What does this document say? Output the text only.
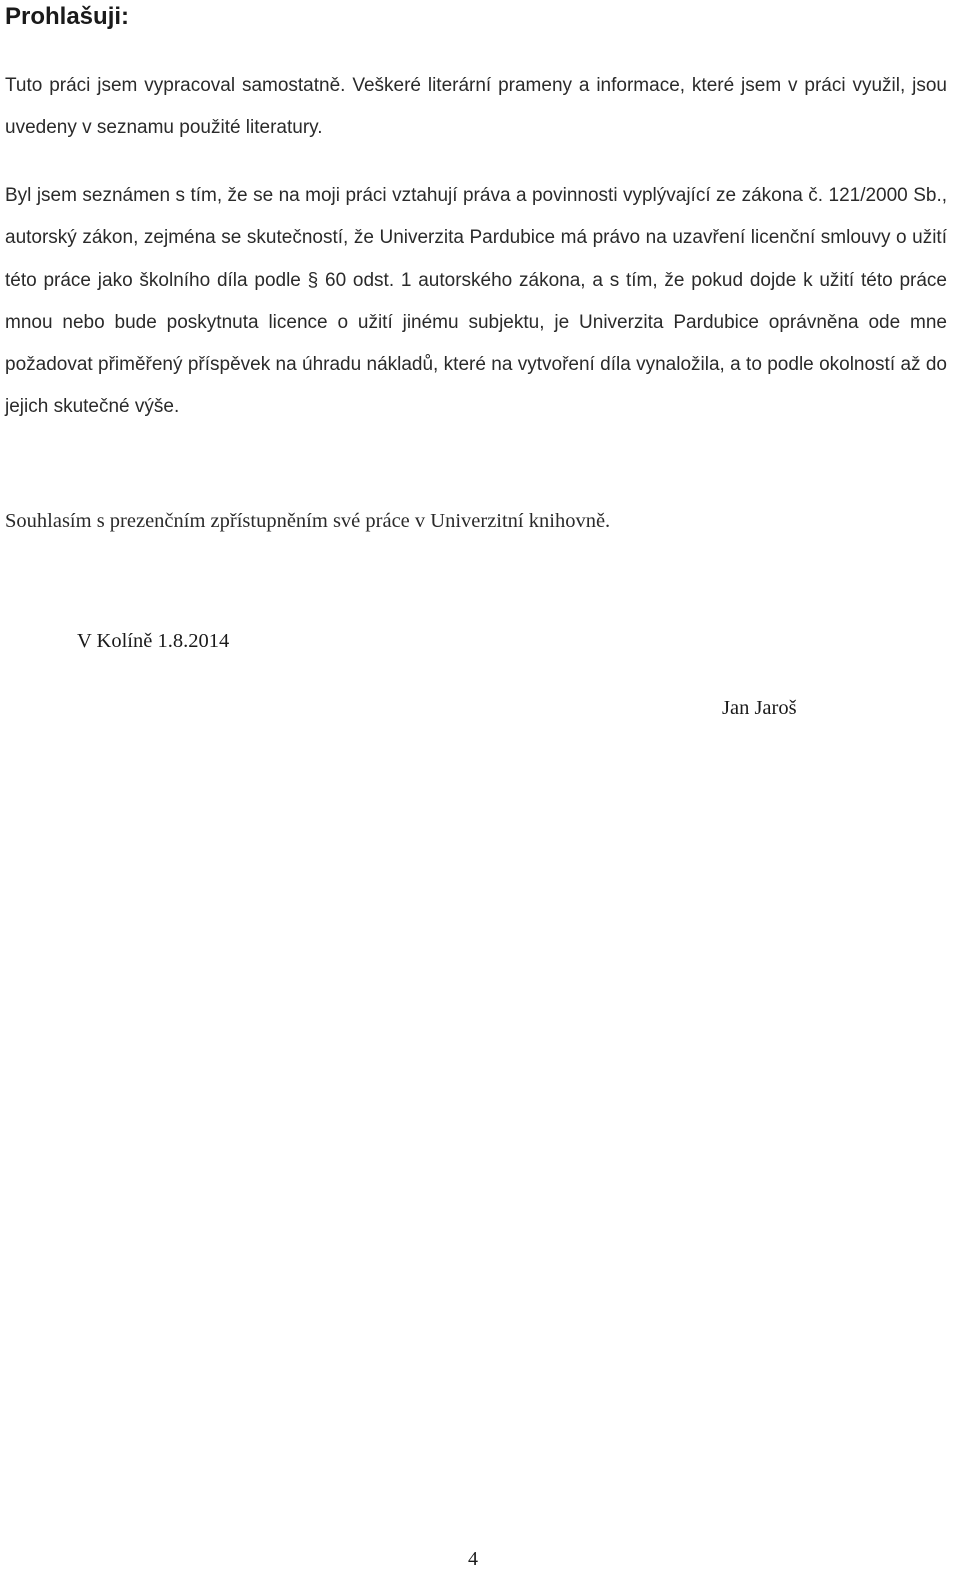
Prohlašuji:

Tuto práci jsem vypracoval samostatně. Veškeré literární prameny a informace, které jsem v práci využil, jsou uvedeny v seznamu použité literatury.

Byl jsem seznámen s tím, že se na moji práci vztahují práva a povinnosti vyplývající ze zákona č. 121/2000 Sb., autorský zákon, zejména se skutečností, že Univerzita Pardubice má právo na uzavření licenční smlouvy o užití této práce jako školního díla podle § 60 odst. 1 autorského zákona, a s tím, že pokud dojde k užití této práce mnou nebo bude poskytnuta licence o užití jinému subjektu, je Univerzita Pardubice oprávněna ode mne požadovat přiměřený příspěvek na úhradu nákladů, které na vytvoření díla vynaložila, a to podle okolností až do jejich skutečné výše.

Souhlasím s prezenčním zpřístupněním své práce v Univerzitní knihovně.

V Kolíně 1.8.2014

Jan Jaroš

4
